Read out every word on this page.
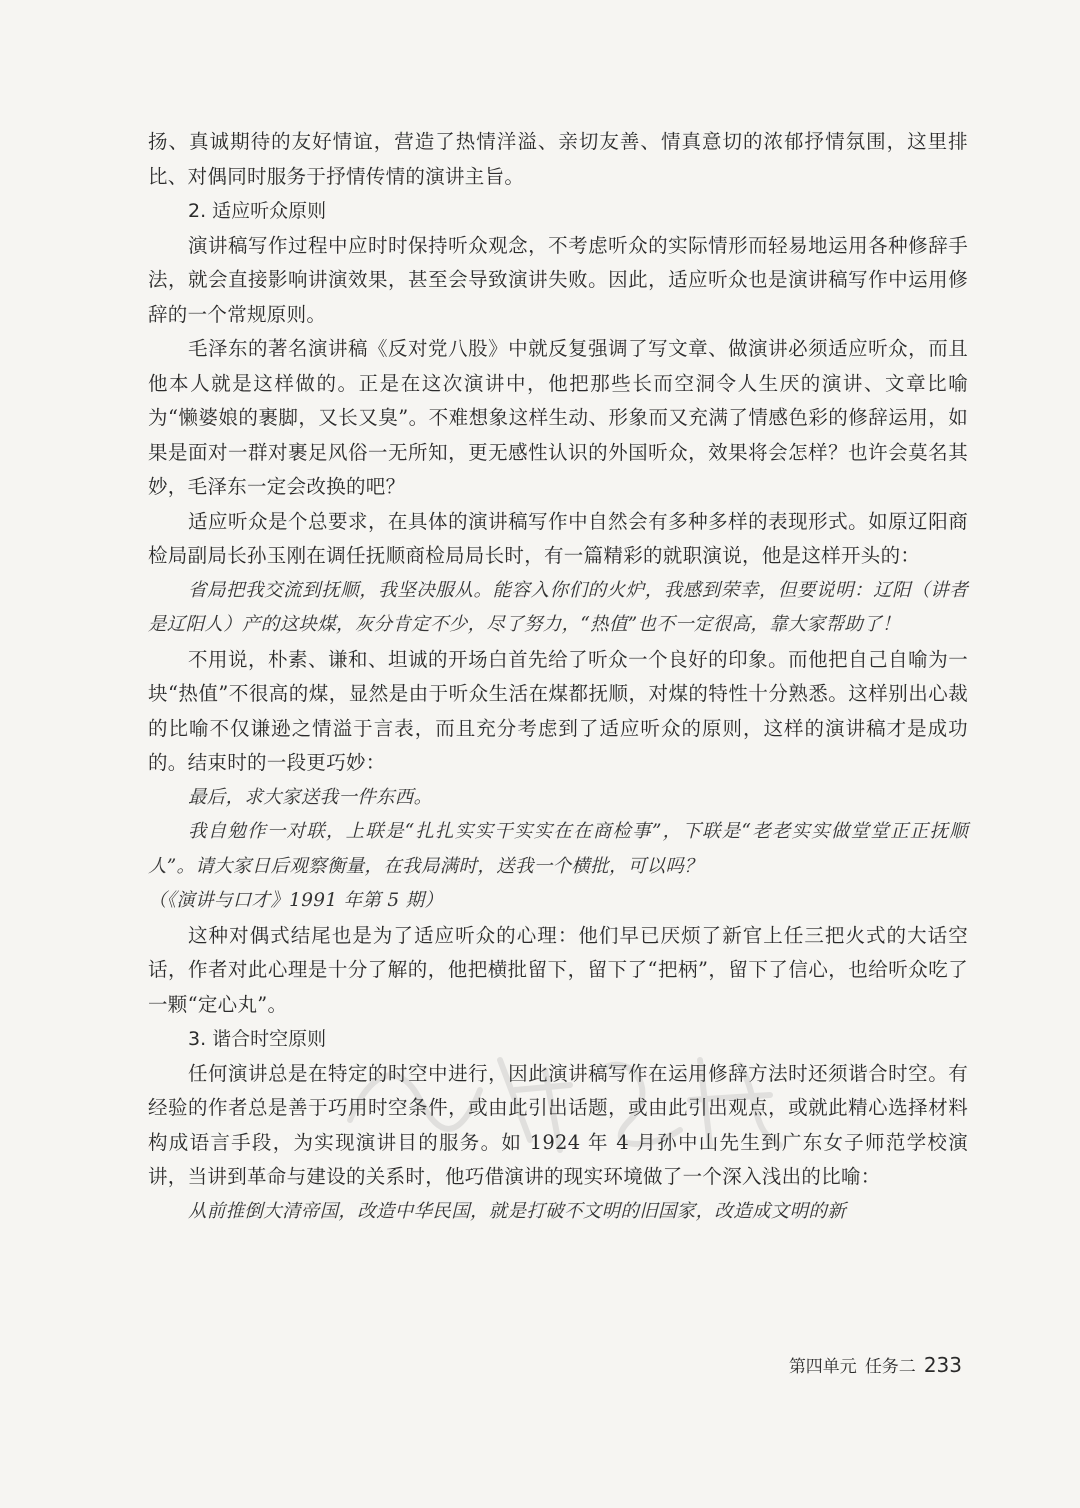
扬、真诚期待的友好情谊，营造了热情洋溢、亲切友善、情真意切的浓郁抒情氛围，这里排比、对偶同时服务于抒情传情的演讲主旨。

2. 适应听众原则

演讲稿写作过程中应时时保持听众观念，不考虑听众的实际情形而轻易地运用各种修辞手法，就会直接影响讲演效果，甚至会导致演讲失败。因此，适应听众也是演讲稿写作中运用修辞的一个常规原则。

毛泽东的著名演讲稿《反对党八股》中就反复强调了写文章、做演讲必须适应听众，而且他本人就是这样做的。正是在这次演讲中，他把那些长而空洞令人生厌的演讲、文章比喻为“懒婆娘的裹脚，又长又臭”。不难想象这样生动、形象而又充满了情感色彩的修辞运用，如果是面对一群对裹足风俗一无所知，更无感性认识的外国听众，效果将会怎样？也许会莫名其妙，毛泽东一定会改换的吧？

适应听众是个总要求，在具体的演讲稿写作中自然会有多种多样的表现形式。如原辽阳商检局副局长孙玉刚在调任抚顺商检局局长时，有一篇精彩的就职演说，他是这样开头的：

省局把我交流到抚顺，我坚决服从。能容入你们的火炉，我感到荣幸，但要说明：辽阳（讲者是辽阳人）产的这块煤，灰分肯定不少，尽了努力，“热值”也不一定很高，靠大家帮助了！

不用说，朴素、谦和、坦诚的开场白首先给了听众一个良好的印象。而他把自己自喻为一块“热值”不很高的煤，显然是由于听众生活在煤都抚顺，对煤的特性十分熟悉。这样别出心裁的比喻不仅谦逊之情溢于言表，而且充分考虑到了适应听众的原则，这样的演讲稿才是成功的。结束时的一段更巧妙：

最后，求大家送我一件东西。

我自勉作一对联，上联是“扎扎实实干实实在在商检事”，下联是“老老实实做堂堂正正抚顺人”。请大家日后观察衡量，在我局满时，送我一个横批，可以吗？

（《演讲与口才》1991 年第 5 期）

这种对偶式结尾也是为了适应听众的心理：他们早已厌烦了新官上任三把火式的大话空话，作者对此心理是十分了解的，他把横批留下，留下了“把柄”，留下了信心，也给听众吃了一颗“定心丸”。

3. 谐合时空原则

任何演讲总是在特定的时空中进行，因此演讲稿写作在运用修辞方法时还须谐合时空。有经验的作者总是善于巧用时空条件，或由此引出话题，或由此引出观点，或就此精心选择材料构成语言手段，为实现演讲目的服务。如 1924 年 4 月孙中山先生到广东女子师范学校演讲，当讲到革命与建设的关系时，他巧借演讲的现实环境做了一个深入浅出的比喻：

从前推倒大清帝国，改造中华民国，就是打破不文明的旧国家，改造成文明的新

第四单元 任务二 233
